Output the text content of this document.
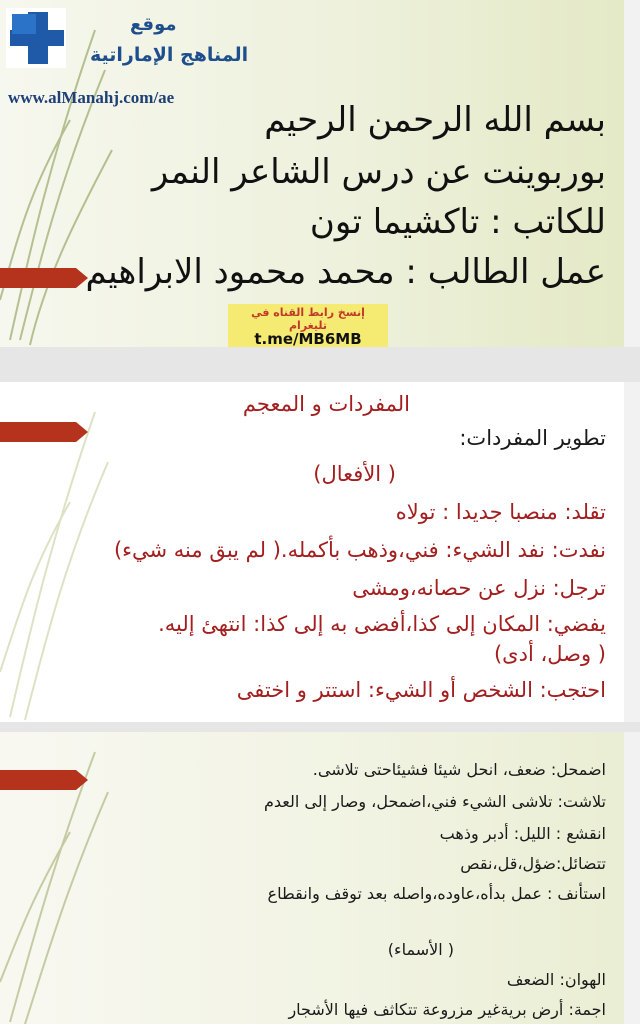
موقع
المناهج الإماراتية
www.alManahj.com/ae
بسم الله الرحمن الرحيم
بوربوينت عن درس الشاعر النمر
للكاتب : تاكشيما تون
عمل الطالب : محمد محمود الابراهيم
إنسخ رابط القناه في
تليغرام
t.me/MB6MB
المفردات و المعجم
تطوير المفردات:
( الأفعال)
تقلد: منصبا جديدا : تولاه
نفدت: نفد الشيء: فني،وذهب بأكمله.( لم يبق منه شيء)
ترجل: نزل عن حصانه،ومشى
يفضي: المكان إلى كذا،أفضى به إلى كذا: انتهئ إليه.
( وصل، أدى)
احتجب: الشخص أو الشيء: استتر و اختفى
اضمحل: ضعف، انحل شيئا فشيئاحتى تلاشى.
تلاشت: تلاشى الشيء فني،اضمحل، وصار إلى العدم
انقشع : الليل: أدبر وذهب
تتضائل:ضؤل،قل،نقص
استأنف : عمل بدأه،عاوده،واصله بعد توقف وانقطاع
( الأسماء)
الهوان: الضعف
اجمة: أرض بريةغير مزروعة تتكاثف فيها الأشجار
